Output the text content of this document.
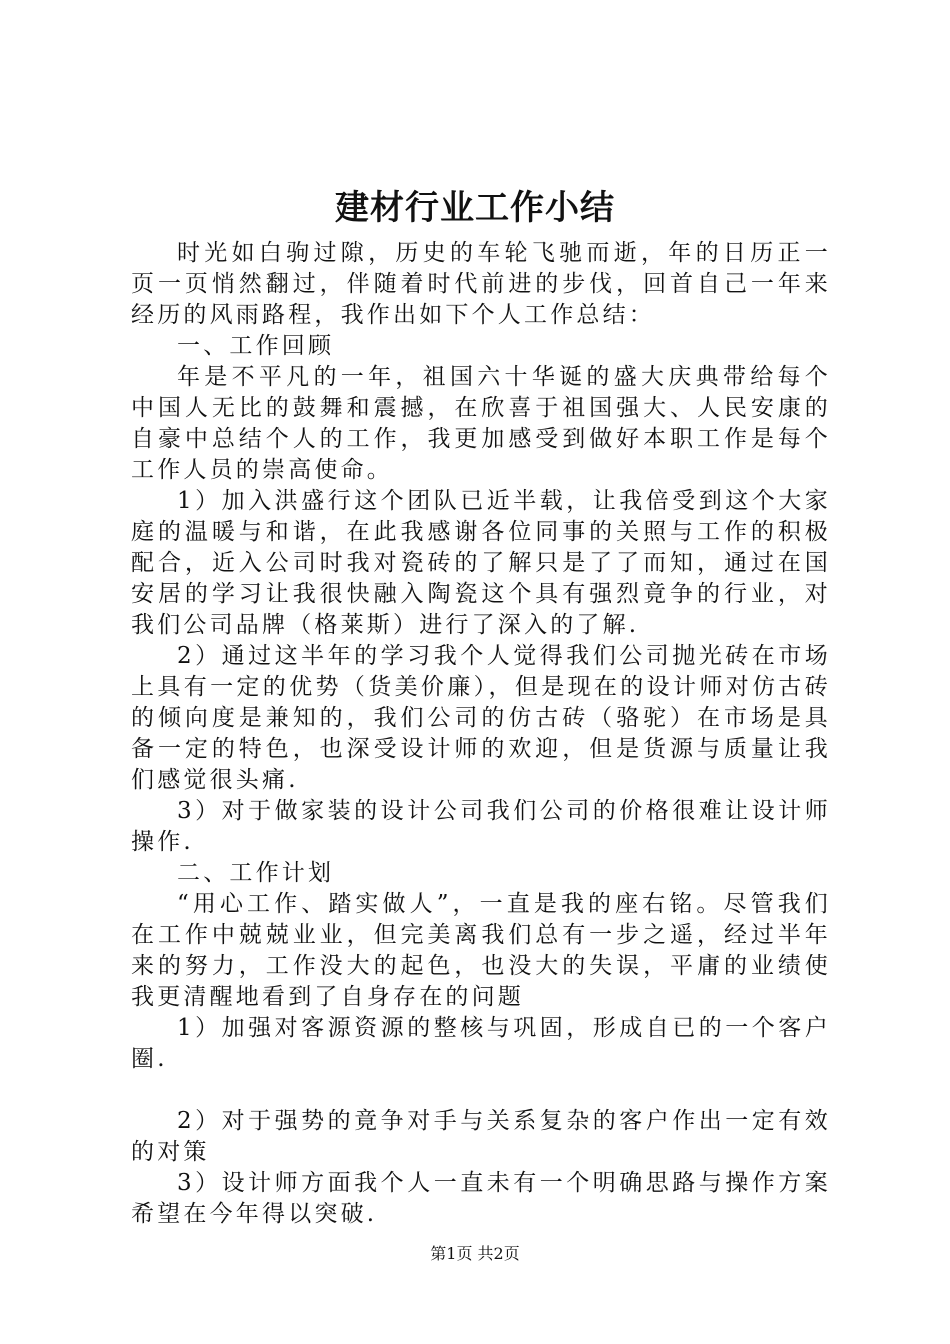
建材行业工作小结

时光如白驹过隙，历史的车轮飞驰而逝，年的日历正一页一页悄然翻过，伴随着时代前进的步伐，回首自己一年来经历的风雨路程，我作出如下个人工作总结：

一、工作回顾

年是不平凡的一年，祖国六十华诞的盛大庆典带给每个中国人无比的鼓舞和震撼，在欣喜于祖国强大、人民安康的自豪中总结个人的工作，我更加感受到做好本职工作是每个工作人员的崇高使命。

1）加入洪盛行这个团队已近半载，让我倍受到这个大家庭的温暖与和谐，在此我感谢各位同事的关照与工作的积极配合，近入公司时我对瓷砖的了解只是了了而知，通过在国安居的学习让我很快融入陶瓷这个具有强烈竟争的行业，对我们公司品牌（格莱斯）进行了深入的了解.

2）通过这半年的学习我个人觉得我们公司抛光砖在市场上具有一定的优势（货美价廉），但是现在的设计师对仿古砖的倾向度是兼知的，我们公司的仿古砖（骆驼）在市场是具备一定的特色，也深受设计师的欢迎，但是货源与质量让我们感觉很头痛.

3）对于做家装的设计公司我们公司的价格很难让设计师操作.

二、工作计划

“用心工作、踏实做人”，一直是我的座右铭。尽管我们在工作中兢兢业业，但完美离我们总有一步之遥，经过半年来的努力，工作没大的起色，也没大的失误，平庸的业绩使我更清醒地看到了自身存在的问题

1）加强对客源资源的整核与巩固，形成自已的一个客户圈.

2）对于强势的竟争对手与关系复杂的客户作出一定有效的对策

3）设计师方面我个人一直未有一个明确思路与操作方案希望在今年得以突破.

第1页 共2页
